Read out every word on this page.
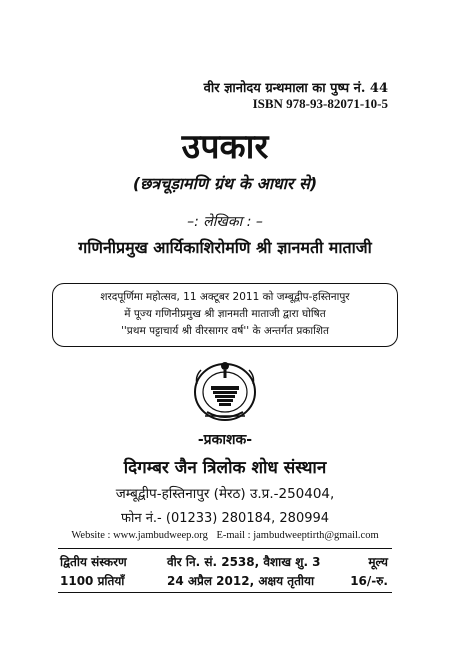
वीर ज्ञानोदय ग्रन्थमाला का पुष्प नं. 44
ISBN 978-93-82071-10-5
उपकार
(छत्रचूड़ामणि ग्रंथ के आधार से)
–: लेखिका : –
गणिनीप्रमुख आर्यिकाशिरोमणि श्री ज्ञानमती माताजी
शरदपूर्णिमा महोत्सव, 11 अक्टूबर 2011 को जम्बूद्वीप-हस्तिनापुर
में पूज्य गणिनीप्रमुख श्री ज्ञानमती माताजी द्वारा घोषित
''प्रथम पट्टाचार्य श्री वीरसागर वर्ष'' के अन्तर्गत प्रकाशित
-प्रकाशक-
दिगम्बर जैन त्रिलोक शोध संस्थान
जम्बूद्वीप-हस्तिनापुर (मेरठ) उ.प्र.-250404,
फोन नं.- (01233) 280184, 280994
Website : www.jambudweep.org E-mail : jambudweeptirth@gmail.com
द्वितीय संस्करण	वीर नि. सं. 2538, वैशाख शु. 3	मूल्य
1100 प्रतियाँ	24 अप्रैल 2012, अक्षय तृतीया	16/-रु.
